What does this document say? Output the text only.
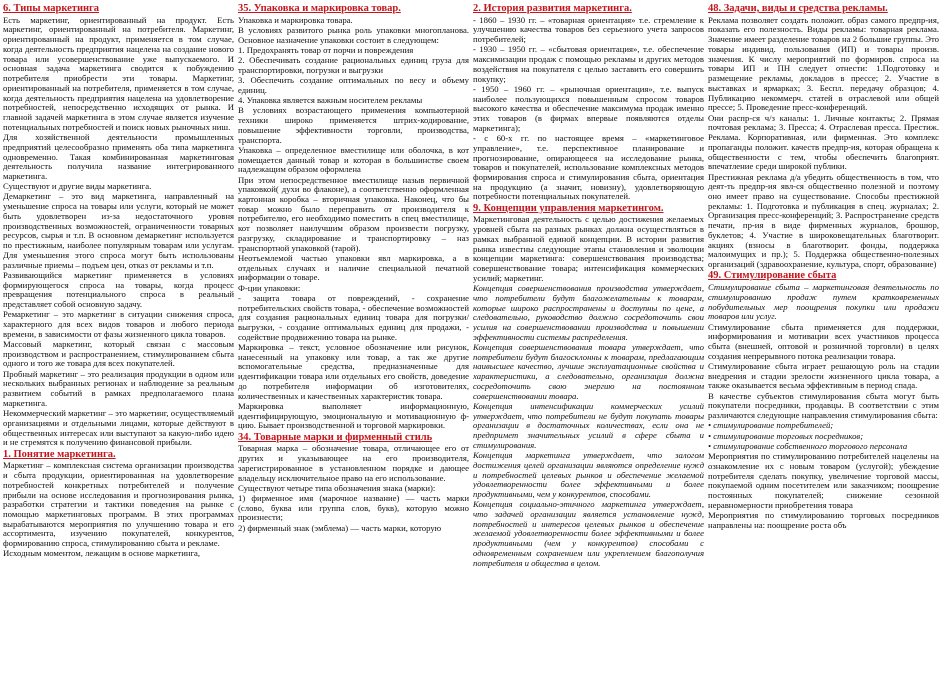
6. Типы маркетинга

Есть маркетинг, ориентированный на продукт. Есть маркетинг, ориентированный на потребителя. Маркетинг, ориентированный на продукт, применяется в том случае, когда деятельность предприятия нацелена на создание нового товара или усовершенствование уже выпускаемого. И основная задача маркетинга сводится к побуждению потребителя приобрести эти товары. Маркетинг, ориентированный на потребителя, применяется в том случае, когда деятельность предприятия нацелена на удовлетворение потребностей, непосредственно исходящих от рынка. И главной задачей маркетинга в этом случае является изучение потенциальных потребностей и поиск новых рыночных ниш.

Для хозяйственной деятельности промышленных предприятий целесообразно применять оба типа маркетинга одновременно. Такая комбинированная маркетинговая деятельность получила название интегрированного маркетинга.

Существуют и другие виды маркетинга.

Демаркетинг – это вид маркетинга, направленный на уменьшение спроса на товары или услуги, который не может быть удовлетворен из-за недостаточного уровня производственных возможностей, ограниченности товарных ресурсов, сырья и т.п. В основном демаркетинг используется по престижным, наиболее популярным товарам или услугам. Для уменьшения этого спроса могут быть использованы различные приемы – подъем цен, отказ от рекламы и т.п.

Развивающийся маркетинг применяется в условиях формирующегося спроса на товары, когда процесс превращения потенциального спроса в реальный представляет собой основную задачу.

Ремаркетинг – это маркетинг в ситуации снижения спроса, характерного для всех видов товаров и любого периода времени, в зависимости от фазы жизненного цикла товаров.

Массовый маркетинг, который связан с массовым производством и распространением, стимулированием сбыта одного и того же товара для всех покупателей.

Пробный маркетинг – это реализация продукции в одном или нескольких выбранных регионах и наблюдение за реальным развитием событий в рамках предполагаемого плана маркетинга.

Некоммерческий маркетинг – это маркетинг, осуществляемый организациями и отдельными лицами, которые действуют в общественных интересах или выступают за какую-либо идею и не стремятся к получению финансовой прибыли.

1. Понятие маркетинга.

Маркетинг – комплексная система организации производства и сбыта продукции, ориентированная на удовлетворение потребностей конкретных потребителей и получение прибыли на основе исследования и прогнозирования рынка, разработки стратегии и тактики поведения на рынке с помощью маркетинговых программ. В этих программах вырабатываются мероприятия по улучшению товара и его ассортимента, изучению покупателей, конкурентов, формированию спроса, стимулированию сбыта и рекламе.

Исходным моментом, лежащим в основе маркетинга,

35. Упаковка и маркировка товар.

Упаковка и маркировка товара.

В условиях развитого рынка роль упаковки многопланова. Основное назначение упаковки состоит в следующем:

1. Предохранять товар от порчи и повреждения

2. Обеспечивать создание рациональных единиц груза для транспортировки, погрузки и выгрузки

3. Обеспечить создание оптимальных по весу и объему единиц.

4. Упаковка является важным носителем рекламы

В условиях возрастающего применения компьютерной техники широко применяется штрих-кодирование, повышение эффективности торговли, производства, транспорта.

Упаковка – определенное вместилище или оболочка, в кот помещается данный товар и которая в большинстве своем надлежащим образом оформлена

При этом непосредственное вместилище назыв первичной упаковкой( духи во флаконе), а соответственно оформленная картонная коробка – вторичная упаковка. Наконец, что бы товар можно было переправить от производителя к потребителю, его необходимо поместить в спец вместилище, кот позволяет наилучшим образом произвести погрузку, разгрузку, складирование и транспортировку – наз транспортной упаковкой (тарой).

Неотъемлемой частью упаковки явл маркировка, а в отдельных случаях и наличие специальной печатной информации о товаре.

Ф-ции упаковки:

- защита товара от повреждений, - сохранение потребительских свойств товара, - обеспечение возможностей для создания рациональных единиц товара для погрузки/выгрузки, - создание оптимальных единиц для продажи, - содействие продвижению товара на рынке.

Маркировка – текст, условное обозначение или рисунок, нанесенный на упаковку или товар, а так же другие вспомогательные средства, предназначенные для идентификации товара или отдельных его свойств, доведение до потребителя информации об изготовителях, количественных и качественных характеристик товара.

Маркировка выполняет информационную, идентифицирующую, эмоциональную и мотивационную ф-цию. Бывает производственной и торговой маркировки.

34. Товарные марки и фирменный стиль

Товарная марка – обозначение товара, отличающее его от других и указывающее на его производителя, зарегистрированное в установленном порядке и дающее владельцу исключительное право на его использование.

Существуют четыре типа обозначения знака (марки):

1) фирменное имя (марочное название) — часть марки (слово, буква или группа слов, букв), которую можно произнести;

2) фирменный знак (эмблема) — часть марки, которую

2. История развития маркетинга.

- 1860 – 1930 гг. – «товарная ориентация» т.е. стремление к улучшению качества товаров без серьезного учета запросов потребителей;

- 1930 – 1950 гг. – «сбытовая ориентация», т.е. обеспечение максимизации продаж с помощью рекламы и других методов воздействия на покупателя с целью заставить его совершить покупку;

- 1950 – 1960 гг. – «рыночная ориентация», т.е. выпуск наиболее пользующихся повышенным спросом товаров высокого качества и обеспечение максимума продаж именно этих товаров (в фирмах впервые появляются отделы маркетинга);

- с 60-х гг. по настоящее время – «маркетинговое управление», т.е. перспективное планирование и прогнозирование, опирающееся на исследование рынка, товаров и покупателей, использование комплексных методов формирования спроса и стимулирования сбыта, ориентация на продукцию (а значит, новизну), удовлетворяющую потребности потенциальных покупателей.

9. Концепции управления маркетингом.

Маркетинговая деятельность с целью достижения желаемых уровней сбыта на разных рынках должна осуществляться в рамках выбранной единой концепции. В истории развития рынка известны следующие этапы становления и эволюции концепции маркетинга: совершенствования производства; совершенствование товара; интенсификация коммерческих усилий; маркетинг.

Концепция совершенствования производства утверждает, что потребители будут благожелательны к товарам, которые широко распространены и доступны по цене, а следовательно, руководство должно сосредоточить свои усилия на совершенствовании производства и повышении эффективности системы распределения.

Концепция совершенствования товара утверждает, что потребители будут благосклонны к товарам, предлагающим наивысшее качество, лучшие эксплуатационные свойства и характеристики, а следовательно, организация должна сосредоточить свою энергию на постоянном совершенствовании товара.

Концепция интенсификации коммерческих усилий утверждает, что потребители не будут покупать товары организации в достаточных количествах, если она не предпримет значительных усилий в сфере сбыта и стимулирования.

Концепция маркетинга утверждает, что залогом достижения целей организации являются определение нужд и потребностей целевых рынков и обеспечение желаемой удовлетворенности более эффективными и более продуктивными, чем у конкурентов, способами.

Концепция социально-этичного маркетинга утверждает, что задачей организации является установление нужд, потребностей и интересов целевых рынков и обеспечение желаемой удовлетворенности более эффективными и более продуктивными (чем у конкурентов) способами с одновременным сохранением или укреплением благополучия потребителя и общества в целом.

48. Задачи, виды и средства рекламы.

Реклама позволяет создать положит. образ самого предпр-ия, показать его полезность. Виды рекламы: товарная реклама. Значение имеет разделение товаров на 2 большие группы. Это товары индивид. пользования (ИП) и товары произв. значения. К числу мероприятий по формиров. спроса на товары ИП и ПН следует отнести: 1.Подготовку и размещение рекламы, докладов в прессе; 2. Участие в выставках и ярмарках; 3. Беспл. передачу образцов; 4. Публикацию некоммерч. статей в отраслевой или общей прессе; 5. Проведение пресс-конференций.

Они распр-ся ч/з каналы: 1. Личные контакты; 2. Прямая почтовая реклама; 3. Пресса; 4. Отраслевая пресса. Престиж. Реклама. Корпоративная, или фирменная. Это комплекс пропаганды положит. качеств предпр-ия, которая обращена к общественности с тем, чтобы обеспечить благоприят. впечатление среди широкой публики.

Престижная реклама д/а убедить общественность в том, что деят-ть предпр-ия явл-ся общественно полезной и поэтому оно имеет право на существование. Способы престижной рекламы: 1. Подготовка и публикация в спец. журналах; 2. Организация пресс-конференций; 3. Распространение средств печати, пр-ия в виде фирменных журналов, брошюр, буклетов; 4. Участие в широковещательных благотворит. акциях (взносы в благотворит. фонды, поддержка малоимущих и пр.); 5. Поддержка общественно-полезных организаций (здравоохранение, культура, спорт, образование)

49. Стимулирование сбыта

Стимулирование сбыта – маркетинговая деятельность по стимулированию продаж путем кратковременных побудительных мер поощрения покупки или продажи товаров или услуг.

Стимулирование сбыта применяется для поддержки, информирования и мотивации всех участников процесса сбыта (внешней, оптовой и розничной торговли) в целях создания непрерывного потока реализации товара.

Стимулирование сбыта играет решающую роль на стадии внедрения и стадии зрелости жизненного цикла товара, а также оказывается весьма эффективным в период спада.

В качестве субъектов стимулирования сбыта могут быть покупатели посредники, продавцы. В соответствии с этим различаются следующие направления стимулирования сбыта:

• стимулирование потребителей;

• стимулирование торговых посредников;

• стимулирование собственного торгового персонала

Мероприятия по стимулированию потребителей нацелены на ознакомление их с новым товаром (услугой); убеждение потребителя сделать покупку, увеличение торговой массы, покупаемой одним посетителем или заказчиком; поощрение постоянных покупателей; снижение сезонной неравномерности приобретения товара

Мероприятия по стимулированию торговых посредников направлены на: поощрение роста объ
